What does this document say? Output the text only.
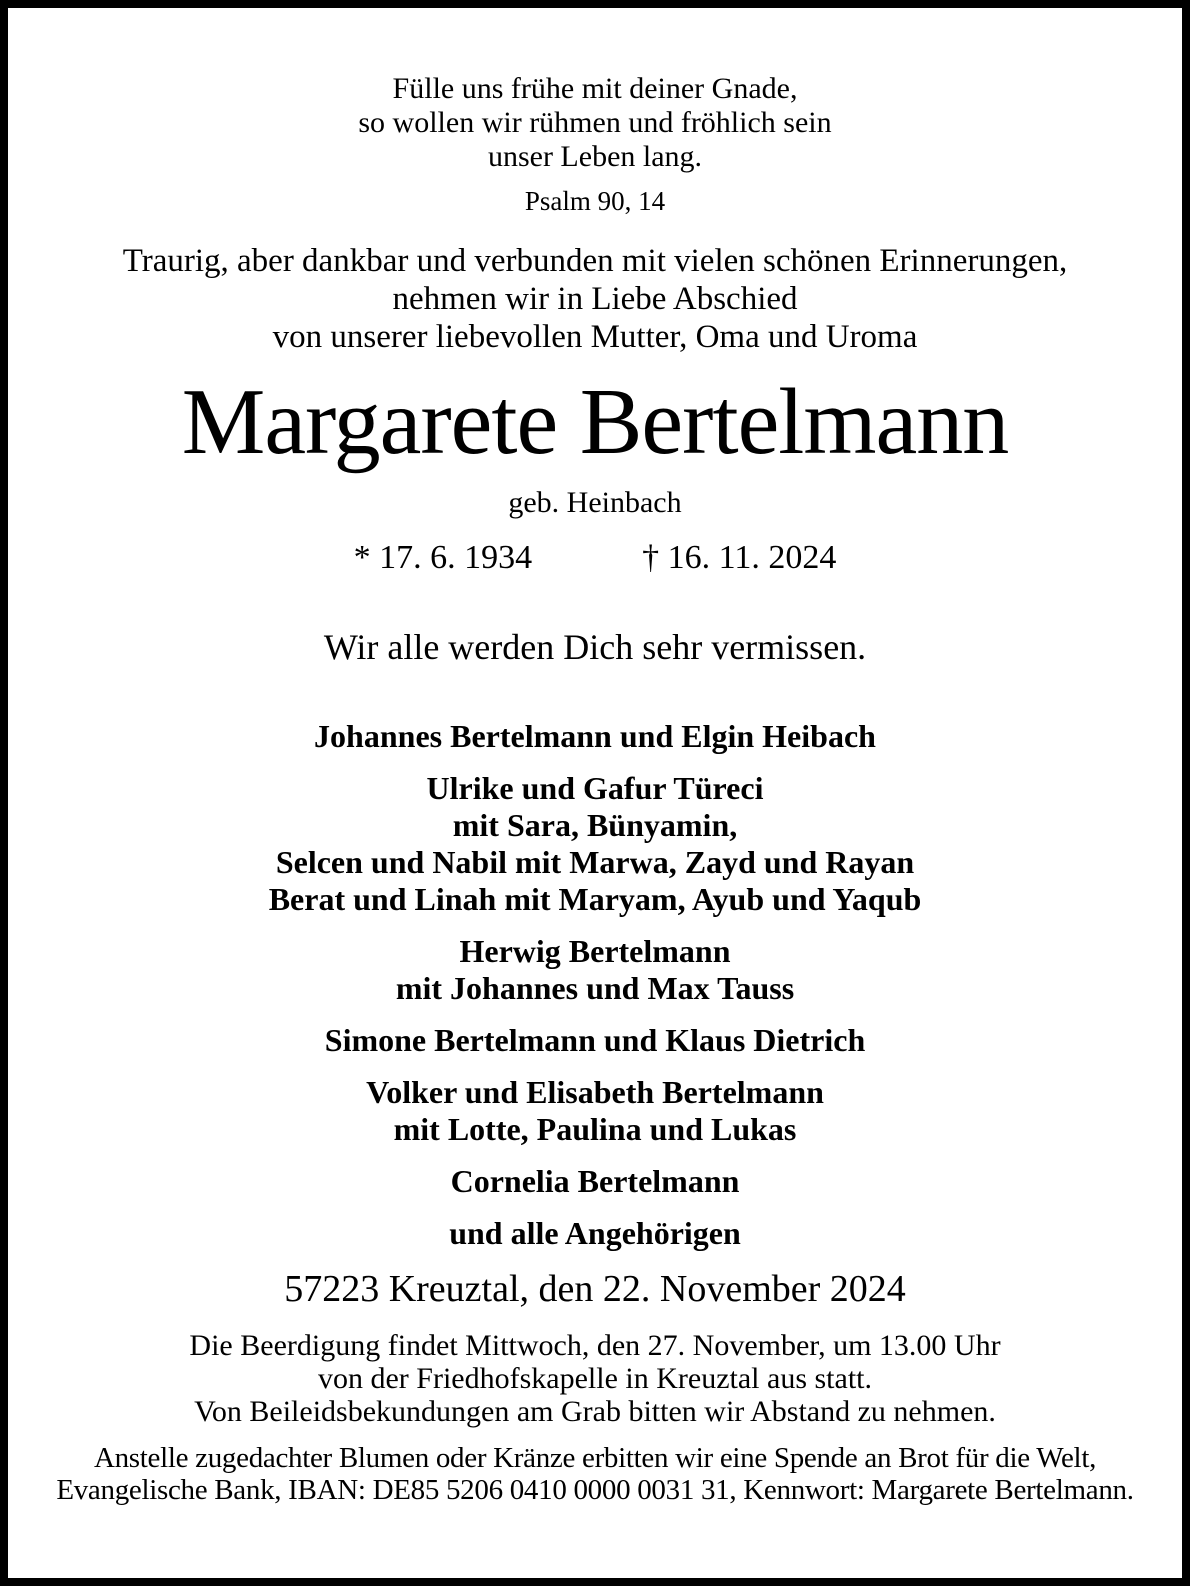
Fülle uns frühe mit deiner Gnade,
so wollen wir rühmen und fröhlich sein
unser Leben lang.
Psalm 90, 14
Traurig, aber dankbar und verbunden mit vielen schönen Erinnerungen,
nehmen wir in Liebe Abschied
von unserer liebevollen Mutter, Oma und Uroma
Margarete Bertelmann
geb. Heinbach
* 17. 6. 1934	† 16. 11. 2024
Wir alle werden Dich sehr vermissen.
Johannes Bertelmann und Elgin Heibach
Ulrike und Gafur Türeci
mit Sara, Bünyamin,
Selcen und Nabil mit Marwa, Zayd und Rayan
Berat und Linah mit Maryam, Ayub und Yaqub
Herwig Bertelmann
mit Johannes und Max Tauss
Simone Bertelmann und Klaus Dietrich
Volker und Elisabeth Bertelmann
mit Lotte, Paulina und Lukas
Cornelia Bertelmann
und alle Angehörigen
57223 Kreuztal, den 22. November 2024
Die Beerdigung findet Mittwoch, den 27. November, um 13.00 Uhr
von der Friedhofskapelle in Kreuztal aus statt.
Von Beileidsbekundungen am Grab bitten wir Abstand zu nehmen.
Anstelle zugedachter Blumen oder Kränze erbitten wir eine Spende an Brot für die Welt,
Evangelische Bank, IBAN: DE85 5206 0410 0000 0031 31, Kennwort: Margarete Bertelmann.
